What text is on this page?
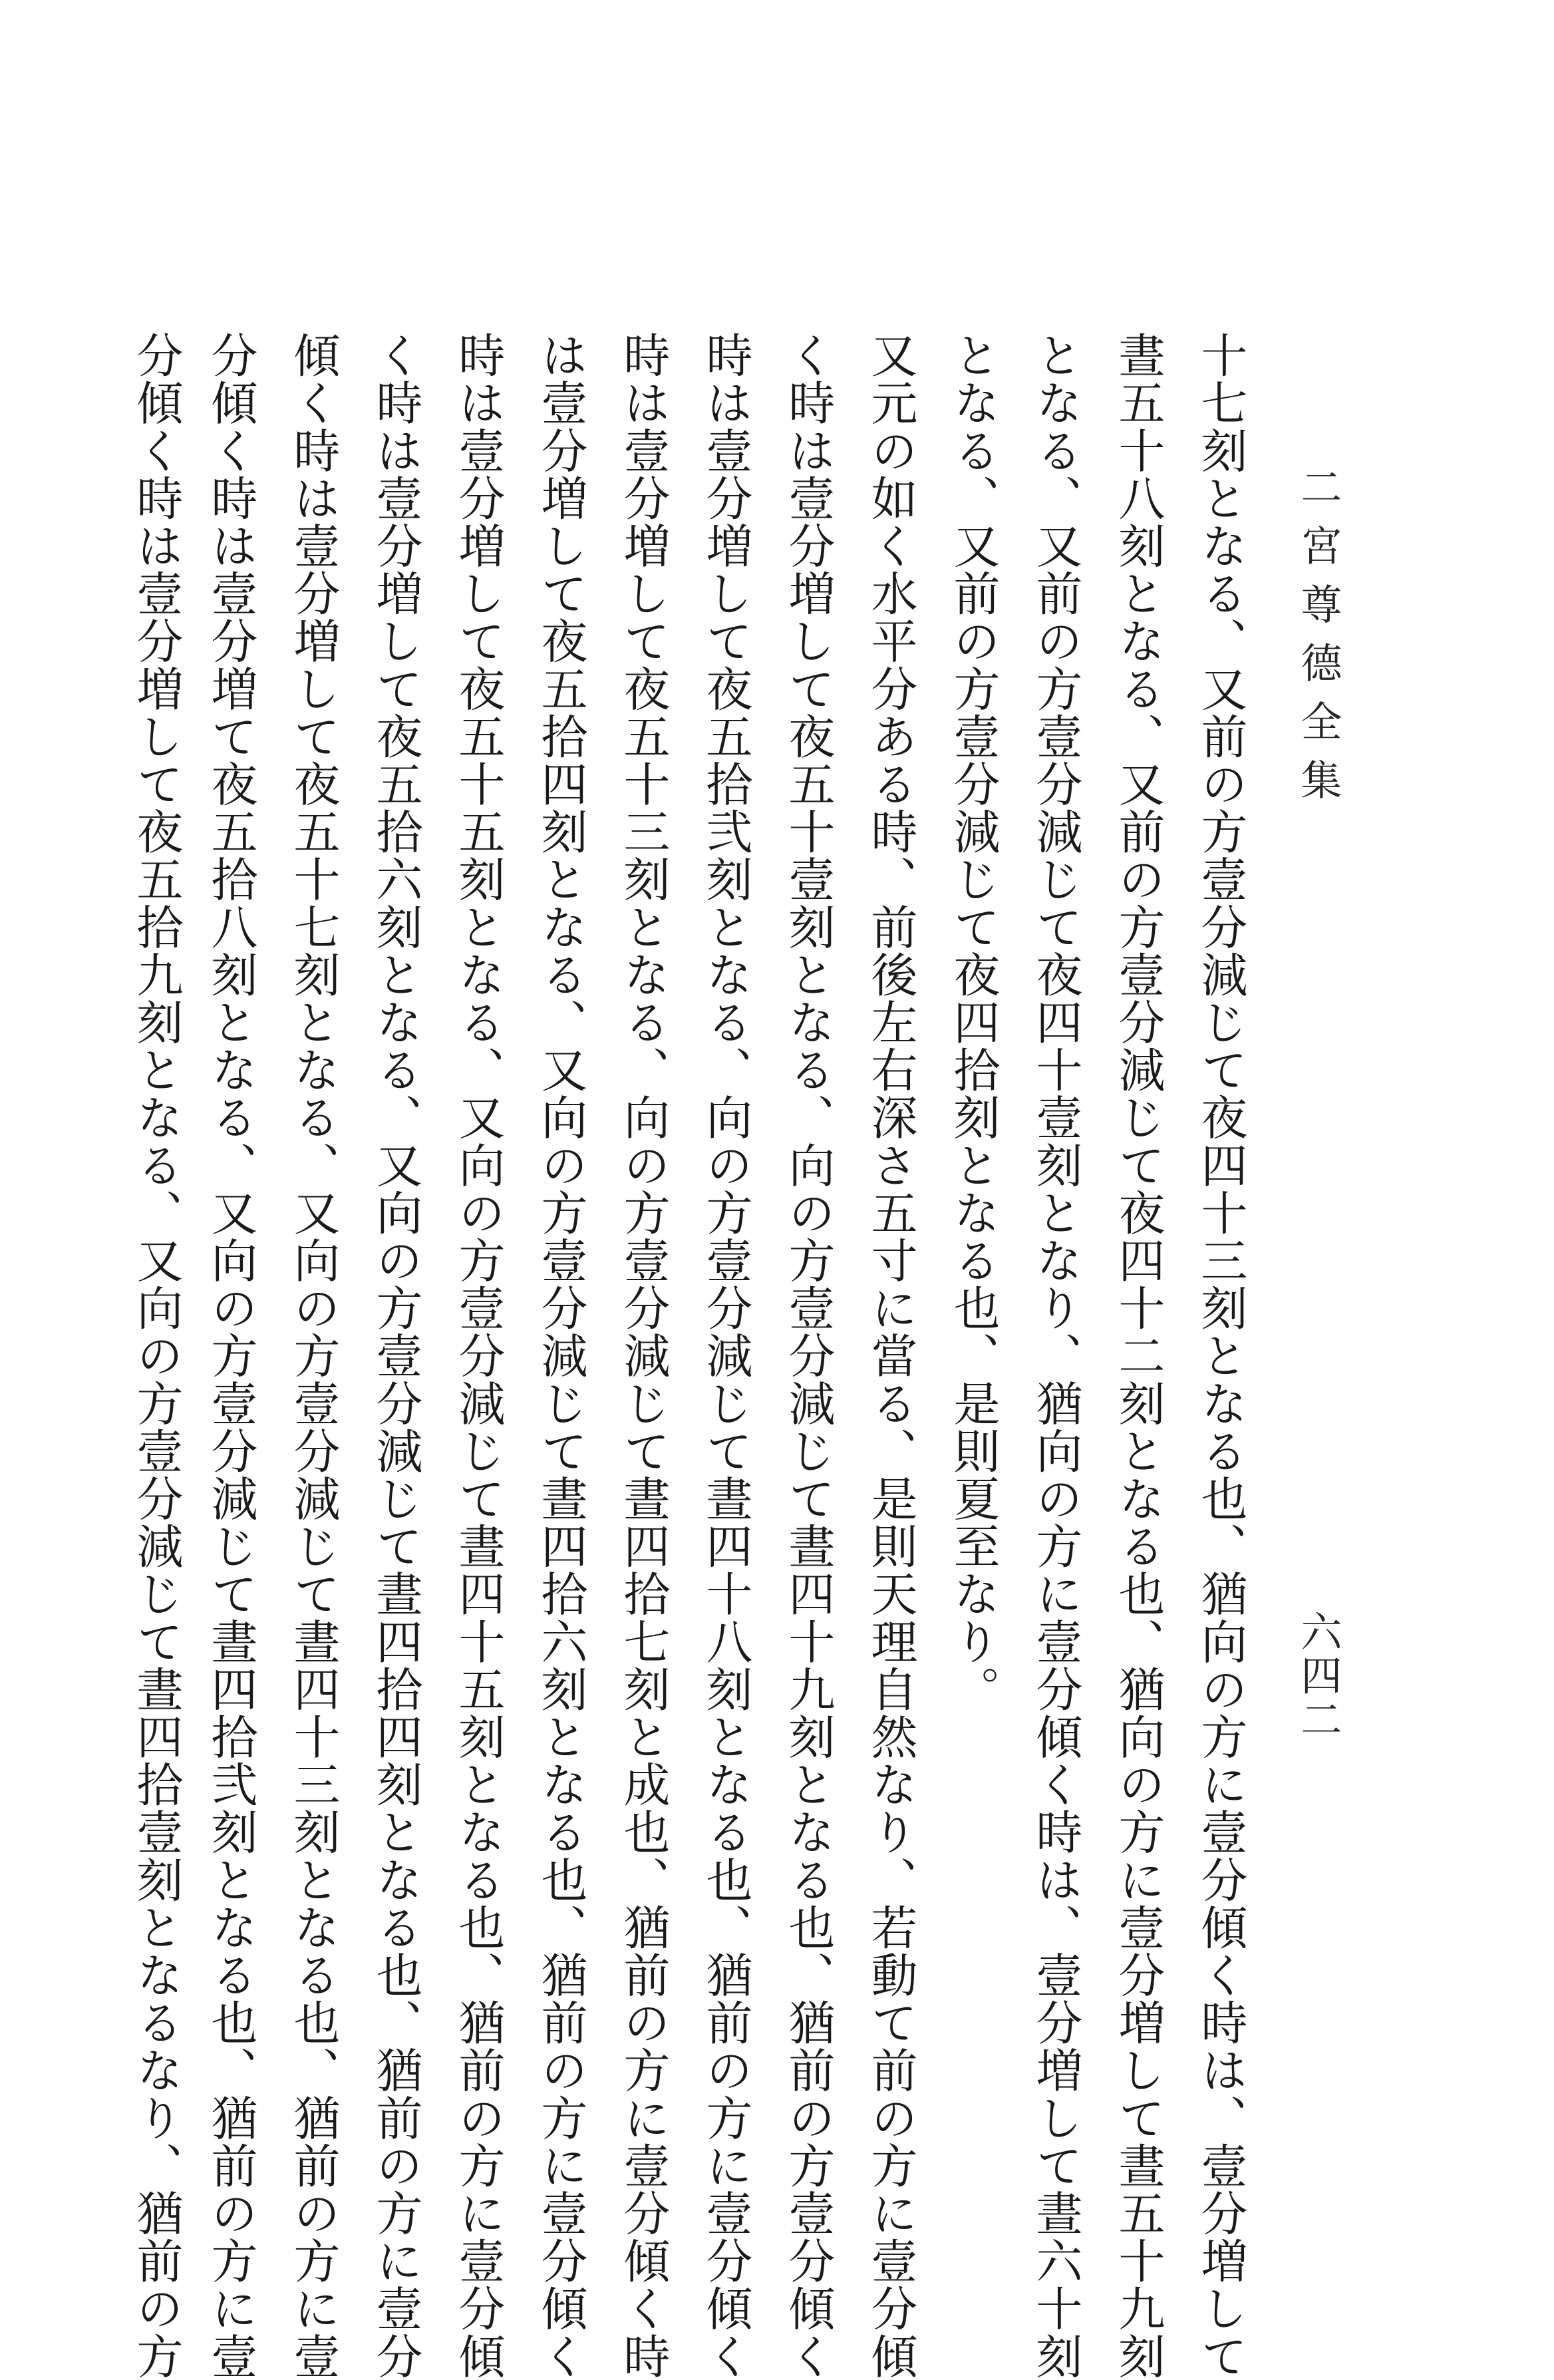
二宮尊德全集
六四二
十七刻となる、又前の方壹分減じて夜四十三刻となる也、猶向の方に壹分傾く時は、壹分増して
晝五十八刻となる、又前の方壹分減じて夜四十二刻となる也、猶向の方に壹分増して晝五十九刻
となる、又前の方壹分減じて夜四十壹刻となり、猶向の方に壹分傾く時は、壹分増して晝六十刻
となる、又前の方壹分減じて夜四拾刻となる也、是則夏至なり。
又元の如く水平分ある時、前後左右深さ五寸に當る、是則天理自然なり、若動て前の方に壹分傾
く時は壹分増して夜五十壹刻となる、向の方壹分減じて晝四十九刻となる也、猶前の方壹分傾く
時は壹分増して夜五拾弐刻となる、向の方壹分減じて晝四十八刻となる也、猶前の方に壹分傾く
時は壹分増して夜五十三刻となる、向の方壹分減じて晝四拾七刻と成也、猶前の方に壹分傾く時
は壹分増して夜五拾四刻となる、又向の方壹分減じて晝四拾六刻となる也、猶前の方に壹分傾く
時は壹分増して夜五十五刻となる、又向の方壹分減じて晝四十五刻となる也、猶前の方に壹分傾
く時は壹分増して夜五拾六刻となる、又向の方壹分減じて晝四拾四刻となる也、猶前の方に壹分
傾く時は壹分増して夜五十七刻となる、又向の方壹分減じて晝四十三刻となる也、猶前の方に壹
分傾く時は壹分増て夜五拾八刻となる、又向の方壹分減じて晝四拾弐刻となる也、猶前の方に壹
分傾く時は壹分増して夜五拾九刻となる、又向の方壹分減じて晝四拾壹刻となるなり、猶前の方
